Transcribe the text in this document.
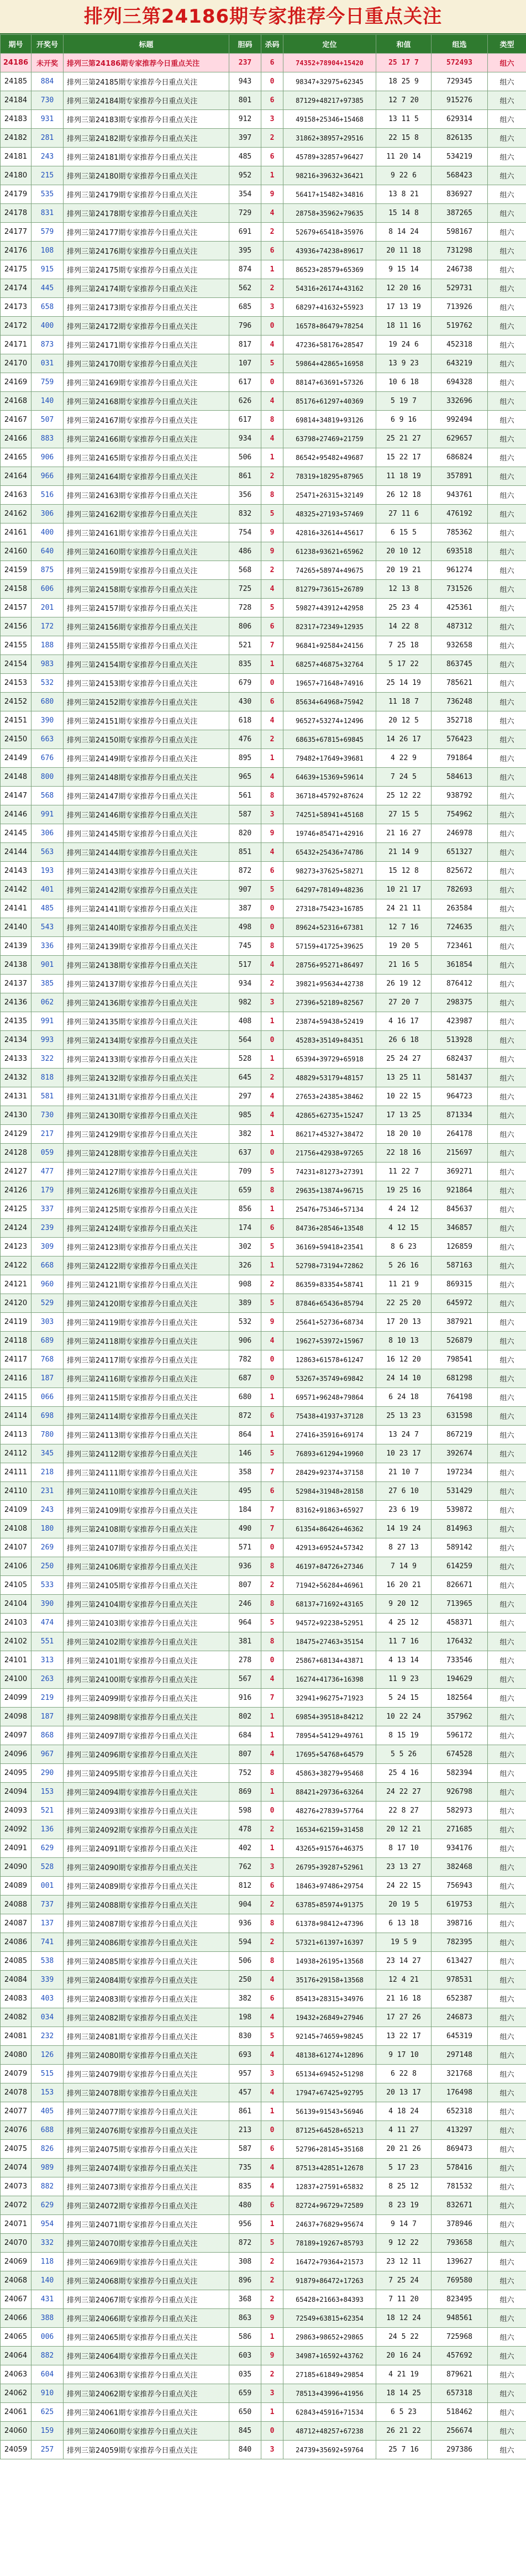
排列三第24186期专家推荐今日重点关注
期号	开奖号	标题	胆码	杀码	定位	和值	组选	类型
24186	未开奖	排列三第24186期专家推荐今日重点关注	237	6	74352+78904+15420	25 17 7	572493	组六
24185	884	排列三第24185期专家推荐今日重点关注	943	0	98347+32975+62345	18 25 9	729345	组六
24184	730	排列三第24184期专家推荐今日重点关注	801	6	87129+48217+97385	12 7 20	915276	组六
24183	931	排列三第24183期专家推荐今日重点关注	912	3	49158+25346+15468	13 11 5	629314	组六
24182	281	排列三第24182期专家推荐今日重点关注	397	2	31862+38957+29516	22 15 8	826135	组六
24181	243	排列三第24181期专家推荐今日重点关注	485	6	45789+32857+96427	11 20 14	534219	组六
24180	215	排列三第24180期专家推荐今日重点关注	952	1	98216+39632+36421	9 22 6	568423	组六
24179	535	排列三第24179期专家推荐今日重点关注	354	9	56417+15482+34816	13 8 21	836927	组六
24178	831	排列三第24178期专家推荐今日重点关注	729	4	28758+35962+79635	15 14 8	387265	组六
24177	579	排列三第24177期专家推荐今日重点关注	691	2	52679+65418+35976	8 14 24	598167	组六
24176	108	排列三第24176期专家推荐今日重点关注	395	6	43936+74238+89617	20 11 18	731298	组六
24175	915	排列三第24175期专家推荐今日重点关注	874	1	86523+28579+65369	9 15 14	246738	组六
24174	445	排列三第24174期专家推荐今日重点关注	562	2	54316+26174+43162	12 20 16	529731	组六
24173	658	排列三第24173期专家推荐今日重点关注	685	3	68297+41632+55923	17 13 19	713926	组六
24172	400	排列三第24172期专家推荐今日重点关注	796	0	16578+86479+78254	18 11 16	519762	组六
24171	873	排列三第24171期专家推荐今日重点关注	817	4	47236+58176+28547	19 24 6	452318	组六
24170	031	排列三第24170期专家推荐今日重点关注	107	5	59864+42865+16958	13 9 23	643219	组六
24169	759	排列三第24169期专家推荐今日重点关注	617	0	88147+63691+57326	10 6 18	694328	组六
24168	140	排列三第24168期专家推荐今日重点关注	626	4	85176+61297+40369	5 19 7	332696	组六
24167	507	排列三第24167期专家推荐今日重点关注	617	8	69814+34819+93126	6 9 16	992494	组六
24166	883	排列三第24166期专家推荐今日重点关注	934	4	63798+27469+21759	25 21 27	629657	组六
24165	906	排列三第24165期专家推荐今日重点关注	506	1	86542+95482+49687	15 22 17	686824	组六
24164	966	排列三第24164期专家推荐今日重点关注	861	2	78319+18295+87965	11 18 19	357891	组六
24163	516	排列三第24163期专家推荐今日重点关注	356	8	25471+26315+32149	26 12 18	943761	组六
24162	306	排列三第24162期专家推荐今日重点关注	832	5	48325+27193+57469	27 11 6	476192	组六
24161	400	排列三第24161期专家推荐今日重点关注	754	9	42816+32614+45617	6 15 5	785362	组六
24160	640	排列三第24160期专家推荐今日重点关注	486	9	61238+93621+65962	20 10 12	693518	组六
24159	875	排列三第24159期专家推荐今日重点关注	568	2	74265+58974+49675	20 19 21	961274	组六
24158	606	排列三第24158期专家推荐今日重点关注	725	4	81279+73615+26789	12 13 8	731526	组六
24157	201	排列三第24157期专家推荐今日重点关注	728	5	59827+43912+42958	25 23 4	425361	组六
24156	172	排列三第24156期专家推荐今日重点关注	806	6	82317+72349+12935	14 22 8	487312	组六
24155	188	排列三第24155期专家推荐今日重点关注	521	7	96841+92584+24156	7 25 18	932658	组六
24154	983	排列三第24154期专家推荐今日重点关注	835	1	68257+46875+32764	5 17 22	863745	组六
24153	532	排列三第24153期专家推荐今日重点关注	679	0	19657+71648+74916	25 14 19	785621	组六
24152	680	排列三第24152期专家推荐今日重点关注	430	6	85634+64968+75942	11 18 7	736248	组六
24151	390	排列三第24151期专家推荐今日重点关注	618	4	96527+53274+12496	20 12 5	352718	组六
24150	663	排列三第24150期专家推荐今日重点关注	476	2	68635+67815+69845	14 26 17	576423	组六
24149	676	排列三第24149期专家推荐今日重点关注	895	1	79482+17649+39681	4 22 9	791864	组六
24148	800	排列三第24148期专家推荐今日重点关注	965	4	64639+15369+59614	7 24 5	584613	组六
24147	568	排列三第24147期专家推荐今日重点关注	561	8	36718+45792+87624	25 12 22	938792	组六
24146	991	排列三第24146期专家推荐今日重点关注	587	3	74251+58941+45168	27 15 5	754962	组六
24145	306	排列三第24145期专家推荐今日重点关注	820	9	19746+85471+42916	21 16 27	246978	组六
24144	563	排列三第24144期专家推荐今日重点关注	851	4	65432+25436+74786	21 14 9	651327	组六
24143	193	排列三第24143期专家推荐今日重点关注	872	6	98273+37625+58271	15 12 8	825672	组六
24142	401	排列三第24142期专家推荐今日重点关注	907	5	64297+78149+48236	10 21 17	782693	组六
24141	485	排列三第24141期专家推荐今日重点关注	387	0	27318+75423+16785	24 21 11	263584	组六
24140	543	排列三第24140期专家推荐今日重点关注	498	0	89624+52316+67381	12 7 16	724635	组六
24139	336	排列三第24139期专家推荐今日重点关注	745	8	57159+41725+39625	19 20 5	723461	组六
24138	901	排列三第24138期专家推荐今日重点关注	517	4	28756+95271+86497	21 16 5	361854	组六
24137	385	排列三第24137期专家推荐今日重点关注	934	2	39821+95634+42738	26 19 12	876412	组六
24136	062	排列三第24136期专家推荐今日重点关注	982	3	27396+52189+82567	27 20 7	298375	组六
24135	991	排列三第24135期专家推荐今日重点关注	408	1	23874+59438+52419	4 16 17	423987	组六
24134	993	排列三第24134期专家推荐今日重点关注	564	0	45283+35149+84351	26 6 18	513928	组六
24133	322	排列三第24133期专家推荐今日重点关注	528	1	65394+39729+65918	25 24 27	682437	组六
24132	818	排列三第24132期专家推荐今日重点关注	645	2	48829+53179+48157	13 25 11	581437	组六
24131	581	排列三第24131期专家推荐今日重点关注	297	4	27653+24385+38462	10 22 15	964723	组六
24130	730	排列三第24130期专家推荐今日重点关注	985	4	42865+62735+15247	17 13 25	871334	组六
24129	217	排列三第24129期专家推荐今日重点关注	382	1	86217+45327+38472	18 20 10	264178	组六
24128	059	排列三第24128期专家推荐今日重点关注	637	0	21756+42938+97265	22 18 16	215697	组六
24127	477	排列三第24127期专家推荐今日重点关注	709	5	74231+81273+27391	11 22 7	369271	组六
24126	179	排列三第24126期专家推荐今日重点关注	659	8	29635+13874+96715	19 25 16	921864	组六
24125	337	排列三第24125期专家推荐今日重点关注	856	1	25476+75346+57134	4 24 12	845637	组六
24124	239	排列三第24124期专家推荐今日重点关注	174	6	84736+28546+13548	4 12 15	346857	组六
24123	309	排列三第24123期专家推荐今日重点关注	302	5	36169+59418+23541	8 6 23	126859	组六
24122	668	排列三第24122期专家推荐今日重点关注	326	1	52798+73194+72862	5 26 16	587163	组六
24121	960	排列三第24121期专家推荐今日重点关注	908	2	86359+83354+58741	11 21 9	869315	组六
24120	529	排列三第24120期专家推荐今日重点关注	389	5	87846+65436+85794	22 25 20	645972	组六
24119	303	排列三第24119期专家推荐今日重点关注	532	9	25641+52736+68734	17 20 13	387921	组六
24118	689	排列三第24118期专家推荐今日重点关注	906	4	19627+53972+15967	8 10 13	526879	组六
24117	768	排列三第24117期专家推荐今日重点关注	782	0	12863+61578+61247	16 12 20	798541	组六
24116	187	排列三第24116期专家推荐今日重点关注	687	0	53267+35749+69842	24 14 10	681298	组六
24115	066	排列三第24115期专家推荐今日重点关注	680	1	69571+96248+79864	6 24 18	764198	组六
24114	698	排列三第24114期专家推荐今日重点关注	872	6	75438+41937+37128	25 13 23	631598	组六
24113	780	排列三第24113期专家推荐今日重点关注	864	1	27416+35916+69174	13 24 7	867219	组六
24112	345	排列三第24112期专家推荐今日重点关注	146	5	76893+61294+19960	10 23 17	392674	组六
24111	218	排列三第24111期专家推荐今日重点关注	358	7	28429+92374+37158	21 10 7	197234	组六
24110	231	排列三第24110期专家推荐今日重点关注	495	6	52984+31948+28158	27 6 10	531429	组六
24109	243	排列三第24109期专家推荐今日重点关注	184	7	83162+91863+65927	23 6 19	539872	组六
24108	180	排列三第24108期专家推荐今日重点关注	490	7	61354+86426+46362	14 19 24	814963	组六
24107	269	排列三第24107期专家推荐今日重点关注	571	0	42913+69524+57342	8 27 13	589142	组六
24106	250	排列三第24106期专家推荐今日重点关注	936	8	46197+84726+27346	7 14 9	614259	组六
24105	533	排列三第24105期专家推荐今日重点关注	807	2	71942+56284+46961	16 20 21	826671	组六
24104	390	排列三第24104期专家推荐今日重点关注	246	8	68137+71692+43165	9 20 12	713965	组六
24103	474	排列三第24103期专家推荐今日重点关注	964	5	94572+92238+52951	4 25 12	458371	组六
24102	551	排列三第24102期专家推荐今日重点关注	381	8	18475+27463+35154	11 7 16	176432	组六
24101	313	排列三第24101期专家推荐今日重点关注	278	0	25867+68134+43871	4 13 14	733546	组六
24100	263	排列三第24100期专家推荐今日重点关注	567	4	16274+41736+16398	11 9 23	194629	组六
24099	219	排列三第24099期专家推荐今日重点关注	916	7	32941+96275+71923	5 24 15	182564	组六
24098	187	排列三第24098期专家推荐今日重点关注	802	1	69854+39518+84212	10 22 24	357962	组六
24097	868	排列三第24097期专家推荐今日重点关注	684	1	78954+54129+49761	8 15 19	596172	组六
24096	967	排列三第24096期专家推荐今日重点关注	807	4	17695+54768+64579	5 5 26	674528	组六
24095	290	排列三第24095期专家推荐今日重点关注	752	8	45863+38279+95468	25 4 16	582394	组六
24094	153	排列三第24094期专家推荐今日重点关注	869	1	88421+29736+63264	24 22 27	926798	组六
24093	521	排列三第24093期专家推荐今日重点关注	598	0	48276+27839+57764	22 8 27	582973	组六
24092	136	排列三第24092期专家推荐今日重点关注	478	2	16534+62159+31458	20 12 21	271685	组六
24091	629	排列三第24091期专家推荐今日重点关注	402	1	43265+91576+46375	8 17 10	934176	组六
24090	528	排列三第24090期专家推荐今日重点关注	762	3	26795+39287+52961	23 13 27	382468	组六
24089	001	排列三第24089期专家推荐今日重点关注	812	6	18463+97486+29754	24 22 15	756943	组六
24088	737	排列三第24088期专家推荐今日重点关注	904	2	63785+85974+91375	20 19 5	619753	组六
24087	137	排列三第24087期专家推荐今日重点关注	936	8	61378+98412+47396	6 13 18	398716	组六
24086	741	排列三第24086期专家推荐今日重点关注	594	2	57321+61397+16397	19 5 9	782395	组六
24085	538	排列三第24085期专家推荐今日重点关注	506	8	14938+26195+13568	23 14 27	613427	组六
24084	339	排列三第24084期专家推荐今日重点关注	250	4	35176+29158+13568	12 4 21	978531	组六
24083	403	排列三第24083期专家推荐今日重点关注	382	6	85413+28315+34976	21 16 18	652387	组六
24082	034	排列三第24082期专家推荐今日重点关注	198	4	19432+26849+27946	17 27 26	246873	组六
24081	232	排列三第24081期专家推荐今日重点关注	830	5	92145+74659+98245	13 22 17	645319	组六
24080	126	排列三第24080期专家推荐今日重点关注	693	4	48138+61274+12896	9 17 10	297148	组六
24079	515	排列三第24079期专家推荐今日重点关注	957	3	65134+69452+51298	6 22 8	321768	组六
24078	153	排列三第24078期专家推荐今日重点关注	457	4	17947+67425+92795	20 13 17	176498	组六
24077	405	排列三第24077期专家推荐今日重点关注	861	1	56139+91543+56946	4 18 24	652318	组六
24076	688	排列三第24076期专家推荐今日重点关注	213	0	87125+64528+65213	4 11 27	413297	组六
24075	826	排列三第24075期专家推荐今日重点关注	587	6	52796+28145+35168	20 21 26	869473	组六
24074	989	排列三第24074期专家推荐今日重点关注	735	4	87513+42851+12678	5 17 23	578416	组六
24073	882	排列三第24073期专家推荐今日重点关注	835	4	12837+27591+65832	8 25 12	781532	组六
24072	629	排列三第24072期专家推荐今日重点关注	480	6	82724+96729+72589	8 23 19	832671	组六
24071	954	排列三第24071期专家推荐今日重点关注	956	1	24637+76829+95674	9 14 7	378946	组六
24070	332	排列三第24070期专家推荐今日重点关注	872	5	78189+19267+85793	9 12 22	793658	组六
24069	118	排列三第24069期专家推荐今日重点关注	308	2	16472+79364+21573	23 12 11	139627	组六
24068	140	排列三第24068期专家推荐今日重点关注	896	2	91879+86472+17263	7 25 24	769580	组六
24067	431	排列三第24067期专家推荐今日重点关注	368	2	65428+21663+84393	7 11 20	823495	组六
24066	388	排列三第24066期专家推荐今日重点关注	863	9	72549+63815+62354	18 12 24	948561	组六
24065	006	排列三第24065期专家推荐今日重点关注	586	1	29863+98652+29865	24 5 22	725968	组六
24064	882	排列三第24064期专家推荐今日重点关注	603	9	34987+16592+43762	20 16 24	457692	组六
24063	604	排列三第24063期专家推荐今日重点关注	035	2	27185+61849+29854	4 21 19	879621	组六
24062	910	排列三第24062期专家推荐今日重点关注	659	3	78513+43996+41956	18 14 25	657318	组六
24061	625	排列三第24061期专家推荐今日重点关注	650	1	62843+45916+71534	6 5 23	518462	组六
24060	159	排列三第24060期专家推荐今日重点关注	845	0	48712+48257+67238	26 21 22	256674	组六
24059	257	排列三第24059期专家推荐今日重点关注	840	3	24739+35692+59764	25 7 16	297386	组六
